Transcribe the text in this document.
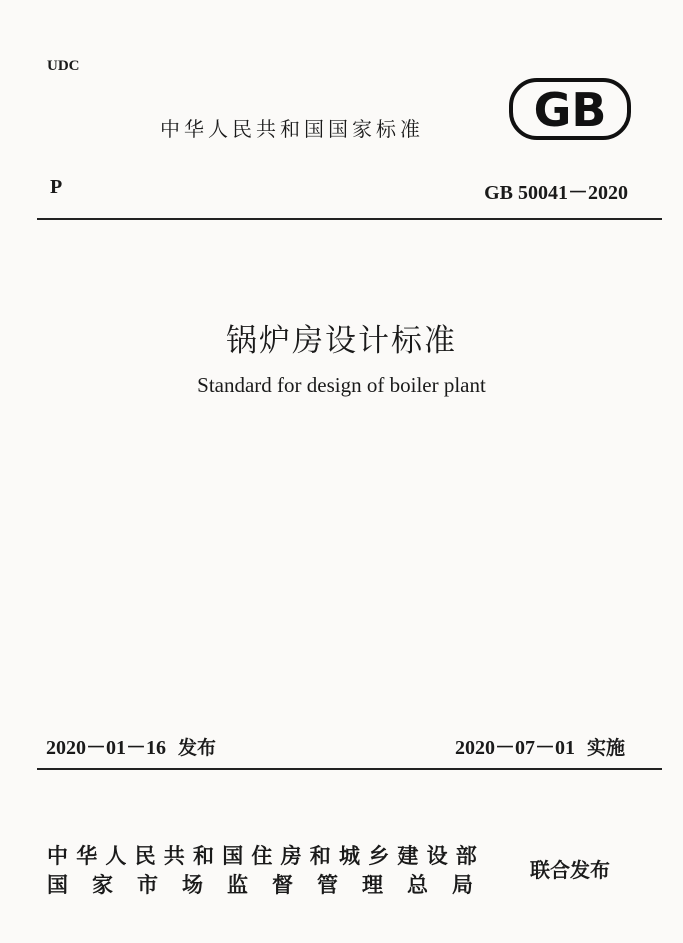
UDC
中华人民共和国国家标准 GB
P	GB 50041－2020
锅炉房设计标准
Standard for design of boiler plant
2020－01－16 发布	2020－07－01 实施
中华人民共和国住房和城乡建设部
国家市场监督管理总局
联合发布
